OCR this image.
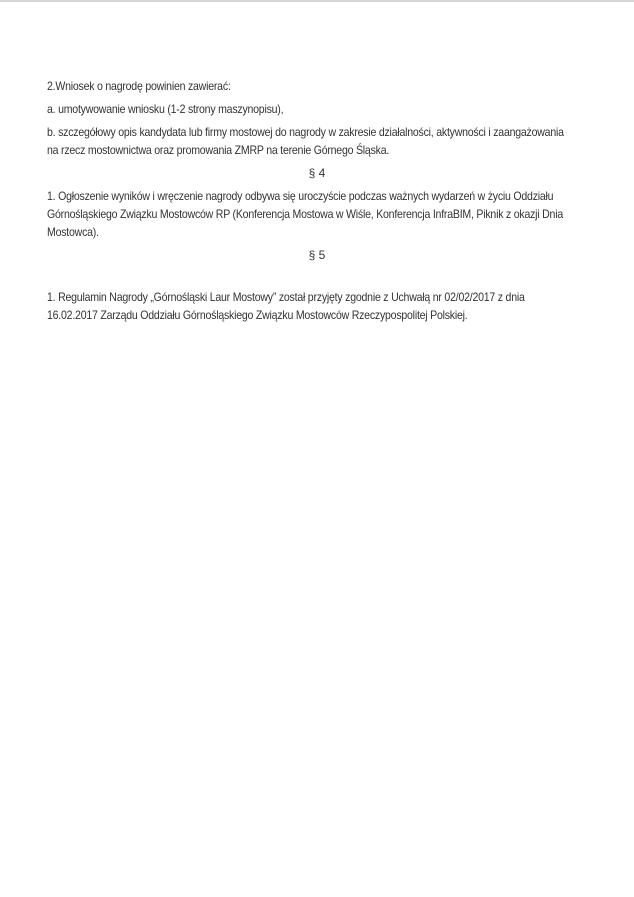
2.Wniosek o nagrodę powinien zawierać:
a. umotywowanie wniosku (1-2 strony maszynopisu),
b. szczegółowy opis kandydata lub firmy mostowej do nagrody w zakresie działalności, aktywności i zaangażowania
na rzecz mostownictwa oraz promowania ZMRP na terenie Górnego Śląska.
§ 4
1. Ogłoszenie wyników i wręczenie nagrody odbywa się uroczyście podczas ważnych wydarzeń w życiu Oddziału
Górnośląskiego Związku Mostowców RP (Konferencja Mostowa w Wiśle, Konferencja InfraBIM, Piknik z okazji Dnia
Mostowca).
§ 5
1. Regulamin Nagrody „Górnośląski Laur Mostowy” został przyjęty zgodnie z Uchwałą nr 02/02/2017 z dnia
16.02.2017 Zarządu Oddziału Górnośląskiego Związku Mostowców Rzeczypospolitej Polskiej.
